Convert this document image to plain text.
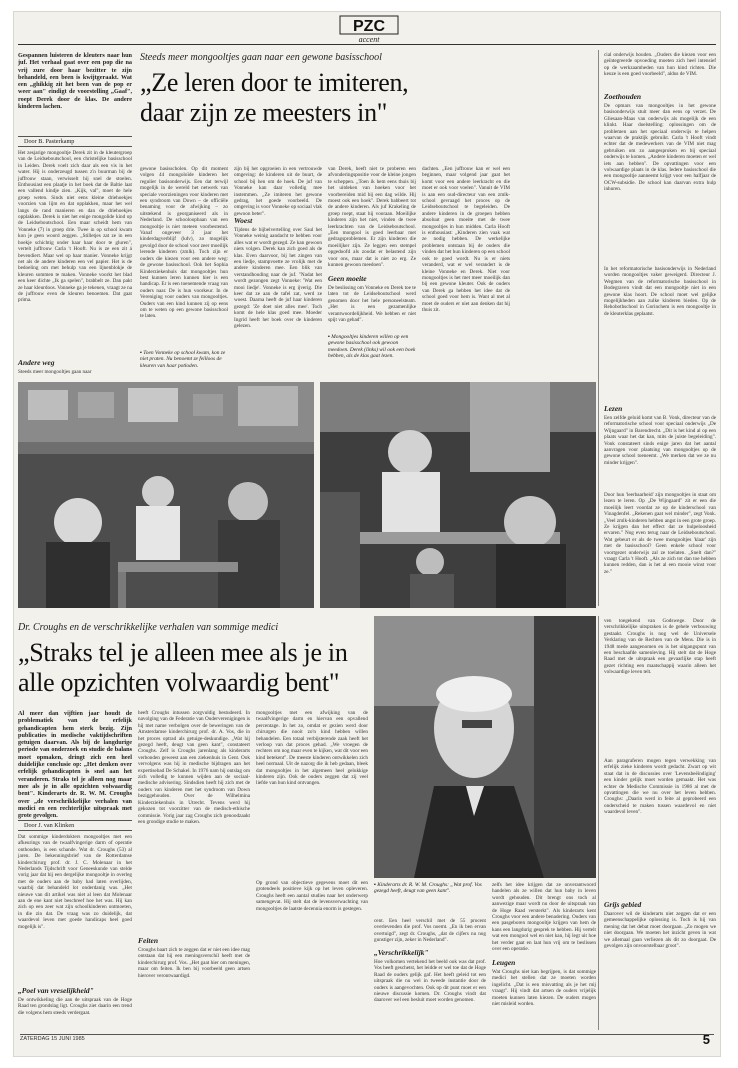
PZC
accent
Gespannen luisteren de kleuters naar hun juf. Het verhaal gaat over een pop die na vrij zure door haar bezitter te zijn behandeld, een been is kwijtgeraakt. Wat een „ghikkig zit het been van de pop er weer aan" eindigt de voorstelling „Gaaf", roept Derek door de klas. De andere kinderen lachen.
Door B. Pasterkamp
Het zesjarige mongooltje Derek zit in de kleutergroep van de Leidseboutschool, een christelijke basisschool in Leiden. Derek voelt zich daar als een vis in het water. Hij is onderzeugd tussen z'n buurman bij de juffrouw staan, verwisselt hij snel de stoelen. Enthousiast een plaatje in het boek dat de Baltie laat een vallend kindje zien. „Kijk, val", moet de hele groep weten. Sinds niet eens kleine driehoekjes voorzien van lijm en dat opplakken, maar het wel langs de rand manieren en dan de driehoekjes opplakken. Derek is niet het enige mongolide kind op de Leidseboutschool. Een maar scheidt hem van Vonneke (7) in groep drie. Twee in op school kwam kon je geen woord zeggen. „Stilletjes zat ze in een hoekje schichtig onder haar haar door te gluren", vertelt juffrouw Carla 't Hooft. Nu is ze een zit á bevendiert. Maar wel op haar manier. Vonneke krijgt net als de andere kinderen een vel papier. Het is de bedoeling om met behulp van een lijnenblokje de kleuren sommen te maken. Vonneke voorkt het blad een keer dichte „Ik ga spelen", brabbelt ze. Dan pakt ze haar kleurdoos. Vonneke ga je tekenen, vraagt ze na de juffrouw even de kleuren benoemen. Dat gaat prima.
Andere weg
Steeds meer mongooltjes gaan naar
Steeds meer mongooltjes gaan naar een gewone basisschool
„Ze leren door te imiteren,
daar zijn ze meesters in"
gewone basisscholen. Op dit moment volgen 44 mongoloïde kinderen het regulier basisonderwijs. Een dat terwijl mogelijk in de wereld het netwerk van speciale voorzieningen voor kinderen met een syndroom van Down – de officiële benaming voor de afwijking – zo uitstekend is georganiseerd als in Nederland. De schooloopbaan van een mongooltje is niet meteen voorbestemd. Vanaf ongeveer 3 jaar het kinderdagverblijf (kdv), zo mogelijk gevolgd door de school voor zeer moeilijk lerende kinderen (zmlk). Toch zijn er ouders die kiezen voor een andere weg: de gewone basisschool. Ook het Sophia Kinderziekenhuis dat mongooltjes hun best kunnen leren kunnen hier is een handicap. Er is een toenemende vraag van ouders naar. De is hun voorkeur. In de Vereniging voor ouders van mongooltjes. Ouders van een kind kunnen zij op eens om te weten op een gewone basisschool te laten.
▪ Toen Vonneke op school kwam, kon ze niet praten. Nu benoemt ze feilloos de kleuren van haar potloden.
zijn bij het opgroeien in een vertrouwde omgeving: de kinderen uit de buurt, de school bij hen om de hoek. De juf van Vonneke kan daar volledig mee instemmen. „Ze imiteren het gewone gedrag, het goede voorbeeld. De omgeving is voor Vonneke op sociaal vlak gewoon beter".
Woest
Tijdens de bijbelvertelling over Saul het Vonneke weinig aandacht te hebben voor alles wat er wordt gezegd. Ze kan gewoon niets volgen. Derek kan zich goed als de klas. Even daarvoor, bij het zingen van een liedje, stampvoette ze vrolijk met de andere kinderen mee. Een blik van verstandhouding naar de juf. "Nadat het wordt gezongen zegt Vonneke: 'Wat een mooi liedje'. Vonneke is erg ijverig. Die keer dat ze aan de tafel zat, werd ze woest. Daarna heeft de juf haar kinderen gezegd: 'Ze doet niet alles mee'. Toch komt de hele klas goed mee. Moeder Ingrid heeft het boek over de kinderen gelezen.
van Derek, heeft niet te proberen een afvonderingspositie voor de kleine jongen te scheppen. „Toen ik hem eens thuis bij het uitdeken van hoeken voor het voorbereiden mid bij een dag wilde. Hij moest ook een hoek". Derek babbeert tot de andere kinderen. Als juf Krakeling de groep roept, staat hij vooraan. Moeilijke kinderen zijn het niet, vinden de twee leerkrachten van de Leidseboutschool. „Een mongool is goed leerbaar met gedragsproblemen. Er zijn kinderen die moeilijker zijn. Ze leggen een stempel opgedoofd als zoodat er belastend zijn voor ons, maar dat is niet zo erg. Ze kunnen gewoon meedoen".
Geen moeite
De beslissing om Vonneke en Derek toe te laten tot de Leidseboutschool werd genomen door het hele personeelsteam. „Het is een gezamenlijke verantwoordelijkheid. We hebben er niet spijt van gehad".
▪ Mongooltjes kinderen willen op een gewone basisschool ook gewoon meedoen. Derek (links) wil ook een boek hebben, als de klas gaat lezen.
dachten. „Een juffrouw kan er wel een beginnen, maar volgend jaar gaat het komt voor een andere leerkracht en die moet er ook voor voelen". Vanuit de VIM is aan een oud-directeur van een zmlk-school gevraagd het proces op de Leidseboutschool te begeleiden. De andere kinderen in de groepen hebben absoluut geen moeite met de twee mongooltjes in hun midden. Carla Hooft is enthousiast: „Kinderen zien vaak wat ze nodig hebben. De werkelijke problemen ontstaan bij de ouders die vinden dat het hun kinderen op een school ook te goed wordt. Nu is er niets veranderd, wat er wel verandert is de kleine Vonneke en Derek. Niet voor mongooltjes is het met meer moeilijk dan bij een gewone kleuter. Ook de ouders van Derek ga hebben het idee dat de school goed voor hem is. Want al met al moet de ouders er niet aan denken dat hij thuis zit.
cial onderwijs houden. „Ouders die kiezen voor een geïntegreerde opvoeding moeten zich heel intensief op de werkzaamheden van hun kind richten. Die keuze is een goed voorbeeld", aldus de VIM.
Zoethouden
De opmars van mongooltjes in het gewone basisonderwijs stuit meer dan eens op verzet. De Gliesaan-Maas van onderwijs als mogelijk de een klinkt. Haar doelstelling: oplossingen om de problemen aan het speciaal onderwijs te helpen waarvan de praktijk gebruikt. Carla 't Hooft vindt echter dat de medewerkers van de VIM niet mag gebruiken om zo aangesproken en bij speciaal onderwijs te komen. „Andere kinderen moeten er wel iets aan hebben". De opvattingen voor een volwaardige plaats in de klas. Iedere basisschool die een mongooltje aanneemt krijgt voor een halfjaar de OCW-subsidie. De school kan daarvan extra hulp inhuren.
In het reformatorische basisonderwijs in Nederland worden mongooltjes vaker geweigerd. Directeur J. Wegmen van de reformatorische basisschool in Bodegraven vindt dat een mongooltje niet in een gewone klas hoort. De school moet wel gelijke mogelijkheden aan zulke kinderen bieden. Op de Rehobothschool in Gorinchem is een mongooltje in de kleuterklas geplaatst.
Lezen
Een zelfde geluid komt van B. Vonk, directeur van de reformatorische school voor speciaal onderwijs „De Wijngaard" in Barendrecht. „Dit is het kind al op een plaats waar het dat kan, mits de juiste begeleiding". Vonk constateert sinds enige jaren dat het aantal aanvragen voor plaatsing van mongooltjes op de gewone school toeneemt. „We merken dat we ze nu minder krijgen".
Door hun 'leerbaarheid' zijn mongooltjes in staat om lezen te leren. Op „De Wijngaard" zit er een die moeilijk leert voordat ze op de kinderschool van Vinagdenfel. „Rekenen gaat wel minder", zegt Vonk. „Veel zmlk-kinderen hebben angst in een grote groep. Ze krijgen dan het effect dat ze hulpeloosheid ervaren." Nog even terug naar de Leidseboutschool. Wat gebeurt er als de twee mongooltjes 'klaar' zijn met de basisschool? Geen enkele school voor voortgezet onderwijs zal ze toelaten. „Snelt dan?" vraagt Carla 't Hooft. „Als ze zich tot dan toe hebben kunnen redden, dan is het al een mooie winst voor ze."
Dr. Croughs en de verschrikkelijke verhalen van sommige medici
„Straks tel je alleen mee als je in
alle opzichten volwaardig bent"
Al meer dan vijftien jaar houdt de problematiek van de erfelijk gehandicapten hem sterk bezig. Zijn publicaties in medische vaktijdschriften getuigen daarvan. Als bij de langdurige periode van onderzoek en studie de balans moet opmaken, dringt zich een heel duidelijke conclusie op: „Het denken over erfelijk gehandicapten is snel aan het veranderen. Straks tel je alleen nog maar mee als je in alle opzichten volwaardig bent". Kinderarts dr. R. W. M. Croughs over „de verschrikkelijke verhalen van medici en een rechterlijke uitspraak met grote gevolgen.
Door J. van Klinken
Dat sommige kinderdokters mongooltjes met een afkeurings van de twaalfvingerige darm of operatie onthouden, is een schande. Wat dr. Croughs (53) al jaren. De bekenningsbrief van de Rotterdamse kinderchirurg prof. dr. J. C. Molenaar in het Nederlands Tijdschrift voor Geneeskunde van stelde vorig jaar dat hij een dergelijke mongooltje in overleg met de ouders aan de baby had laten overlijden, waarbij dat behandeld lot onderdanig was. „Het nieuwe van dit artikel was niet al leen dat Molenaar aan de ene kant niet beschreef hoe het was. Hij kan zich op een zeer wat zijn schoolkinderen ontmoeten, in die zin dat. De vraag was zo duidelijk, dat waardevol leven met goede handicaps heel goed mogelijk is".
„Poel van vreselijkheid"
De ontwikkeling die aan de uitspraak van de Hoge Raad ten grondslag ligt. Croughs ziet daarin een trend die volgens hem steeds verdergaat.
heeft Croughs intussen zorgvuldig bestudeerd. In navolging van de Federatie van Ouderverenigingen is hij met name verbolgen over de beweringen van de Amsterdamse kinderchirurg prof. dr. A. Vos, die in het proces optrad als getuige-deskundige. „Wat hij gezegd heeft, deugt van geen kant", constateert Croughs. Zelf is Croughs jarenlang als kinderarts verbonden geweest aan een ziekenhuis in Gent. Ook vervolgens was hij in medische bijdragen aan het expertisebad De Schakel. In 1976 nam hij ontslag om zich volledig te kunnen wijden aan de sociaal-medische advisering. Sindsdien heeft hij zich met de ouders van kinderen met het syndroom van Down beziggehouden. Over de Wilhelmina Kinderziekenhuis in Utrecht. Tevens werd hij gekozen tot voorzitter van de medisch-ethische commissie. Vorig jaar zag Croughs zich genoodzaakt een grondige studie te maken.
Feiten
Croughs baart zich te zeggen dat er niet een idee mag ontstaan dat hij een meningsverschil heeft met de kinderchirurg prof. Vos. „Het gaat hier om meningen, maar om feiten. Ik ben bij voorbeeld geen artsen hierover verontwaardigd.
mongooltjes met een afwijking van de twaalfvingerige darm en hiervan een opvallend percentage. In het zo, omdat er gezien werd door chirurgen die nooit zo'n kind hebben willen behandelen. Een totaal verbijsterende zaak heeft het verloop van dat proces gehad. „We vroegen de rechters om nog maar even te kijken, wat dit voor een kind betekent". De meeste kinderen ontwikkelen zich heel normaal. Uit de nazorg die ik heb gedaan, bleek dat mongooltjes in het algemeen heel gelukkige kinderen zijn. Ook de ouders zeggen dat zij veel liefde van hun kind ontvangen.
Op grond van objectieve gegevens moet dit een grotendeels positieve kijk op het leven opleveren. Croughs heeft een aantal studies naar het onderwerp samengevat. Hij stelt dat de levensverwachting van mongooltjes de laatste decennia enorm is gestegen.
▪ Kinderarts dr. R. W. M. Croughs: „Wat prof. Vos gezegd heeft, deugt van geen kant".
cent. Een heel verschil met de 55 procent overlevenden die prof. Vos noemt. „En ik ben ervan overtuigd", zegt dr. Croughs, „dat de cijfers nu nog gunstiger zijn, zeker in Nederland".
„Verschrikkelijk"
Hoe volkomen vertekend het beeld ook was dat prof. Vos heeft geschetst, het leidde er wel toe dat de Hoge Raad de ouders gelijk gaf. Het heeft geleid tot een uitspraak die nu wel in tweede instantie door de ouders is aangevochten. Ook op dit punt moet er een nieuwe discussie komen. Dr. Croughs vindt dat daarover wel een besluit moet worden genomen.
zelfs het idee krijgen dat ze onverantwoord handelen als ze willen dat hun baby in leven wordt gehouden. Dit brengt ons toch al aanwezige maar wordt nu door de uitspraak van de Hoge Raad versterkt". Als kinderarts kent Croughs voor een andere benadering. Ouders van een pasgeboren mongooltje krijgen van hem de kans een langdurig gesprek te hebben. Hij vertelt wat een mongool wel en niet kan, hij legt uit hoe het verder gaat en laat hun vrij om te beslissen over een operatie.
Leugen
Wat Croughs niet kan begrijpen, is dat sommige medici het stellen dat ze moeten worden ingelicht. „Dat is een misvatting als je het mij vraagt". Hij vindt dat artsen de ouders vrijelijk moeten kunnen laten kiezen. De ouders mogen niet misleid worden.
ven toegekend van Godswege. Door de verschrikkelijke uitspraken is de gehele verbouwing gestaakt. Croughs is nog wel de Universele Verklaring van de Rechten van de Mens. Die is in 1948 mede aangenomen en is het uitgangspunt van een beschaafde samenleving. Hij stelt dat de Hoge Raad met de uitspraak een gevaarlijke stap heeft gezet richting een maatschappij waarin alleen het volwaardige leven telt.
Aan paragraferen mogen tegen verwekking van erfelijk zieke kinderen wordt gedacht. Zwart op wit staat dat in de discussies over 'Levensbeëindiging' een kinder gelijk moet worden gemaakt. Het was echter de Medische Commissie in 1986 al met de opvattingen die we nu over het leven hebben. Croughs: „Daarin werd in feite al geprobeerd een onderscheid te maken tussen waardevol en niet waardevol leven".
Grijs gebied
Daarover wil de kinderarts niet zeggen dat er een gemeenschappelijke oplossing is. Toch is hij van mening dat het debat moet doorgaan. „Zo mogen we niet doorgaan. We moeten het inzicht geven in wat we allemaal gaan verliezen als dit zo doorgaat. De gevolgen zijn onvoorstelbaar groot".
ZATERDAG 15 JUNI 1985	5
